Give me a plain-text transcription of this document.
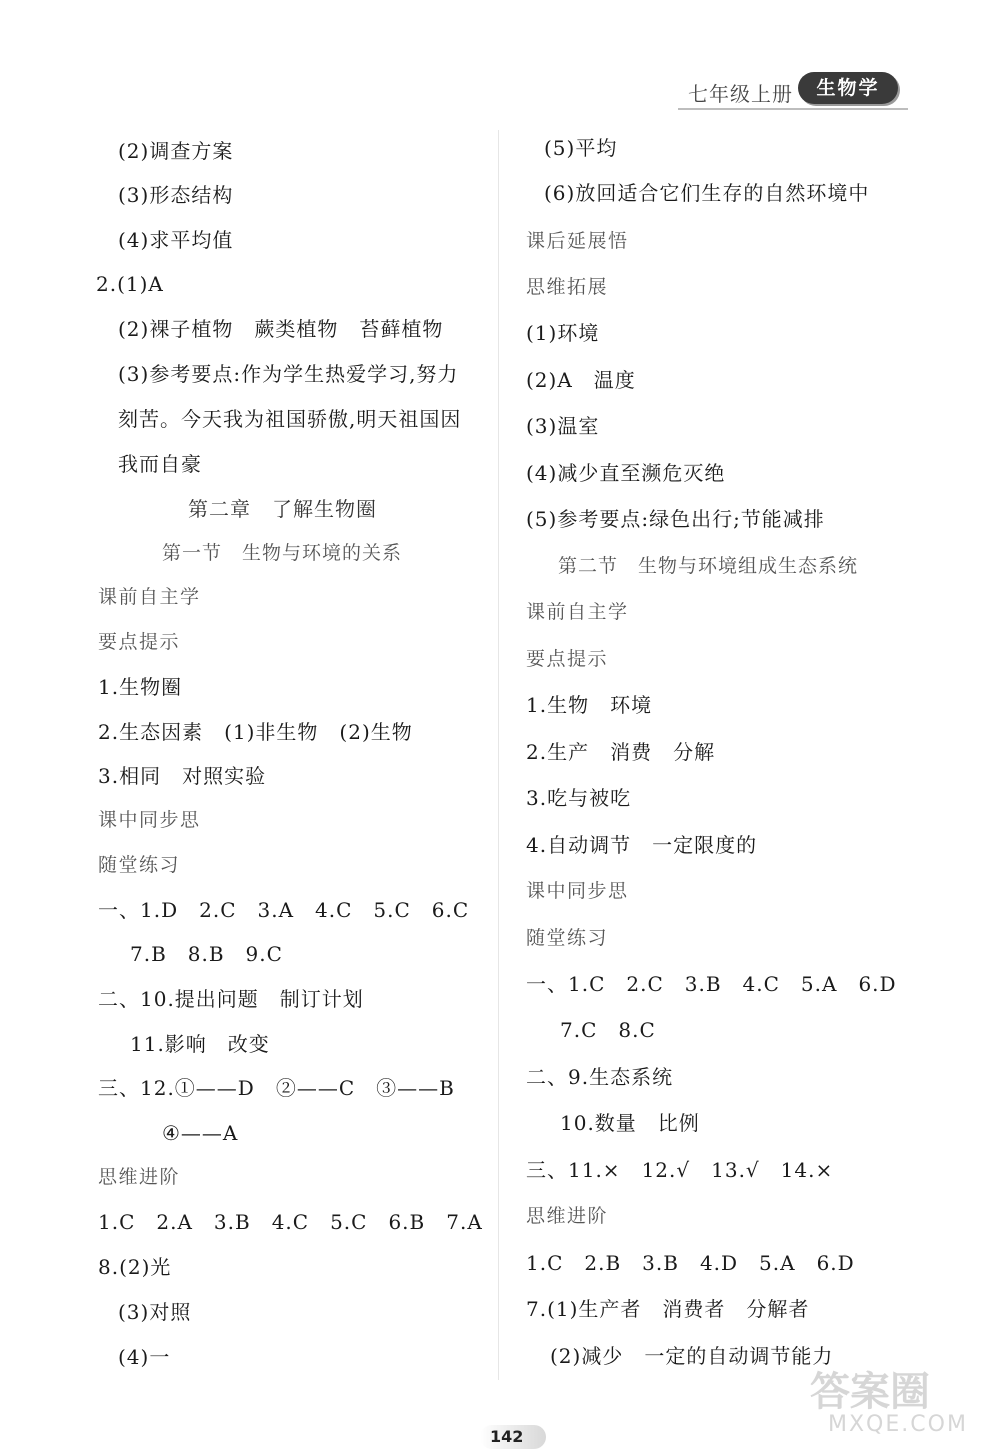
七年级上册	生物学
(2)调查方案
(3)形态结构
(4)求平均值
2.(1)A
(2)裸子植物　蕨类植物　苔藓植物
(3)参考要点:作为学生热爱学习,努力
刻苦。今天我为祖国骄傲,明天祖国因
我而自豪
第二章　了解生物圈
第一节　生物与环境的关系
课前自主学
要点提示
1.生物圈
2.生态因素　(1)非生物　(2)生物
3.相同　对照实验
课中同步思
随堂练习
一、1.D　2.C　3.A　4.C　5.C　6.C
7.B　8.B　9.C
二、10.提出问题　制订计划
11.影响　改变
三、12.①——D　②——C　③——B
④——A
思维进阶
1.C　2.A　3.B　4.C　5.C　6.B　7.A
8.(2)光
(3)对照
(4)一
(5)平均
(6)放回适合它们生存的自然环境中
课后延展悟
思维拓展
(1)环境
(2)A　温度
(3)温室
(4)减少直至濒危灭绝
(5)参考要点:绿色出行;节能减排
第二节　生物与环境组成生态系统
课前自主学
要点提示
1.生物　环境
2.生产　消费　分解
3.吃与被吃
4.自动调节　一定限度的
课中同步思
随堂练习
一、1.C　2.C　3.B　4.C　5.A　6.D
7.C　8.C
二、9.生态系统
10.数量　比例
三、11.×　12.√　13.√　14.×
思维进阶
1.C　2.B　3.B　4.D　5.A　6.D
7.(1)生产者　消费者　分解者
(2)减少　一定的自动调节能力
142
答案圈
MXQE.COM
